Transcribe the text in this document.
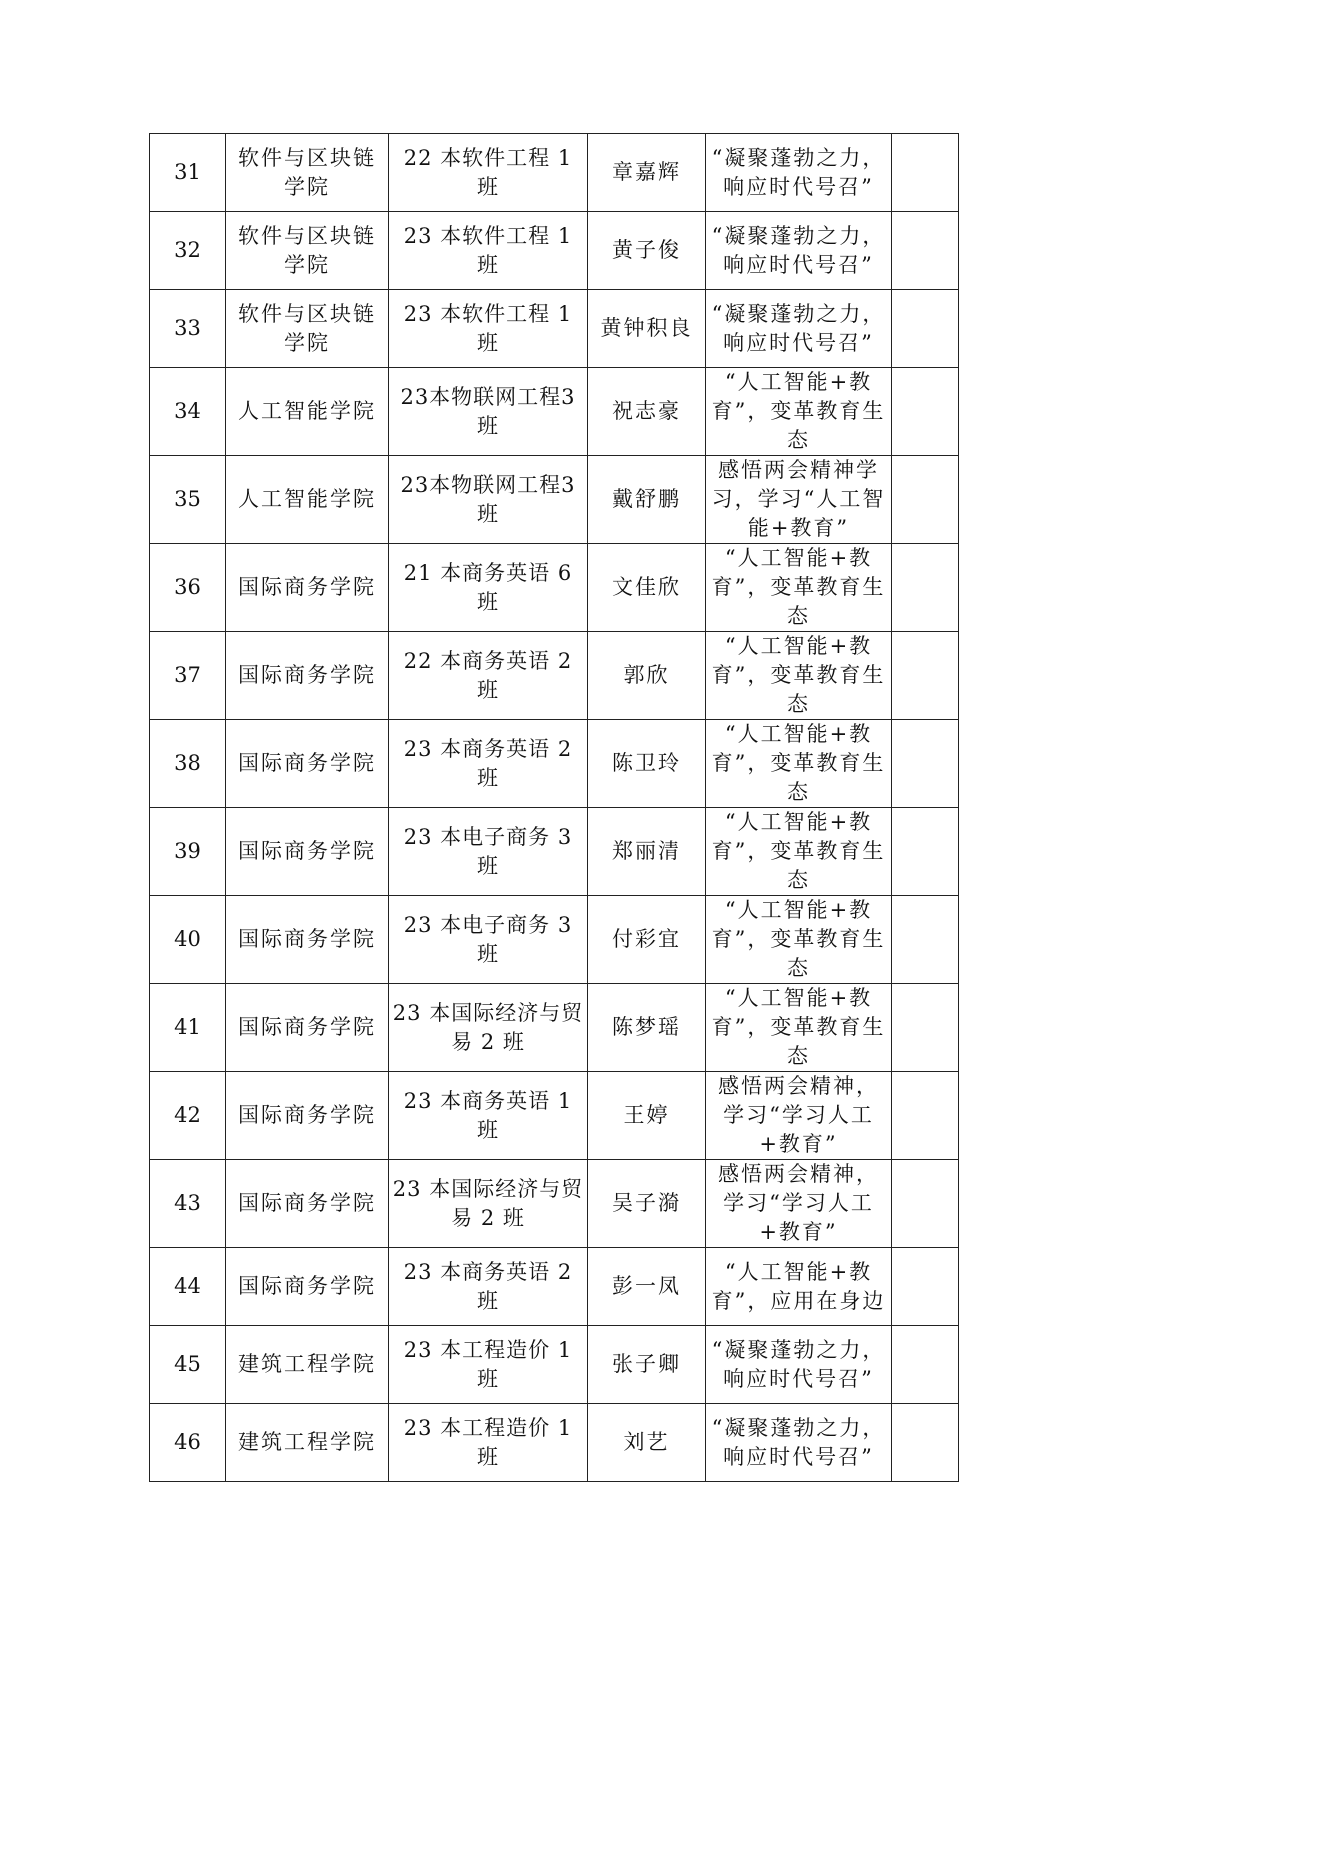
31	软件与区块链学院	22 本软件工程 1 班	章嘉辉	“凝聚蓬勃之力，响应时代号召”	
32	软件与区块链学院	23 本软件工程 1 班	黄子俊	“凝聚蓬勃之力，响应时代号召”	
33	软件与区块链学院	23 本软件工程 1 班	黄钟积良	“凝聚蓬勃之力，响应时代号召”	
34	人工智能学院	23本物联网工程3班	祝志豪	“人工智能+教育”，变革教育生态	
35	人工智能学院	23本物联网工程3班	戴舒鹏	感悟两会精神学习，学习“人工智能+教育”	
36	国际商务学院	21 本商务英语 6 班	文佳欣	“人工智能+教育”，变革教育生态	
37	国际商务学院	22 本商务英语 2 班	郭欣	“人工智能+教育”，变革教育生态	
38	国际商务学院	23 本商务英语 2 班	陈卫玲	“人工智能+教育”，变革教育生态	
39	国际商务学院	23 本电子商务 3 班	郑丽清	“人工智能+教育”，变革教育生态	
40	国际商务学院	23 本电子商务 3 班	付彩宜	“人工智能+教育”，变革教育生态	
41	国际商务学院	23 本国际经济与贸易 2 班	陈梦瑶	“人工智能+教育”，变革教育生态	
42	国际商务学院	23 本商务英语 1 班	王婷	感悟两会精神，学习“学习人工+教育”	
43	国际商务学院	23 本国际经济与贸易 2 班	吴子漪	感悟两会精神，学习“学习人工+教育”	
44	国际商务学院	23 本商务英语 2 班	彭一凤	“人工智能+教育”，应用在身边	
45	建筑工程学院	23 本工程造价 1 班	张子卿	“凝聚蓬勃之力，响应时代号召”	
46	建筑工程学院	23 本工程造价 1 班	刘艺	“凝聚蓬勃之力，响应时代号召”	
